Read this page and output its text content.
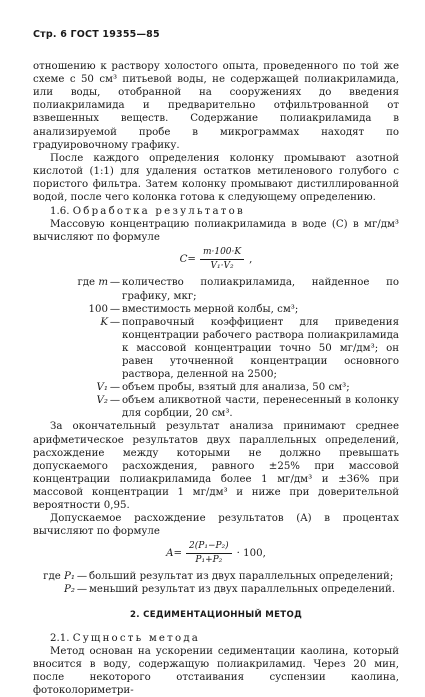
Стр. 6 ГОСТ 19355—85

отношению к раствору холостого опыта, проведенного по той же схеме с 50 см³ питьевой воды, не содержащей полиакриламида, или воды, отобранной на сооружениях до введения полиакриламида и предварительно отфильтрованной от взвешенных веществ. Содержание полиакриламида в анализируемой пробе в микрограммах находят по градуировочному графику.

После каждого определения колонку промывают азотной кислотой (1:1) для удаления остатков метиленового голубого с пористого фильтра. Затем колонку промывают дистиллированной водой, после чего колонка готова к следующему определению.

1.6. Обработка результатов

Массовую концентрацию полиакриламида в воде (C) в мг/дм³ вычисляют по формуле

$C= \frac{m\cdot 100\cdot K}{\text{V₁·V₂}}$ ,
где m — количество полиакриламида, найденное по графику, мкг;
100 — вместимость мерной колбы, см³;
K — поправочный коэффициент для приведения концентрации рабочего раствора полиакриламида к массовой концентрации точно 50 мг/дм³; он равен уточненной концентрации основного раствора, деленной на 2500;
V₁ — объем пробы, взятый для анализа, 50 см³;
V₂ — объем аликвотной части, перенесенный в колонку для сорбции, 20 см³.

За окончательный результат анализа принимают среднее арифметическое результатов двух параллельных определений, расхождение между которыми не должно превышать допускаемого расхождения, равного ±25% при массовой концентрации полиакриламида более 1 мг/дм³ и ±36% при массовой концентрации 1 мг/дм³ и ниже при доверительной вероятности 0,95.

Допускаемое расхождение результатов (A) в процентах вычисляют по формуле

$A= \frac{\text{2(P₁−P₂)}}{\text{P₁+P₂}} \cdot 100$,
где P₁ — больший результат из двух параллельных определений;
P₂ — меньший результат из двух параллельных определений.
2. СЕДИМЕНТАЦИОННЫЙ МЕТОД

2.1. Сущность метода

Метод основан на ускорении седиментации каолина, который вносится в воду, содержащую полиакриламид. Через 20 мин, после некоторого отстаивания суспензии каолина, фотоколориметри-
